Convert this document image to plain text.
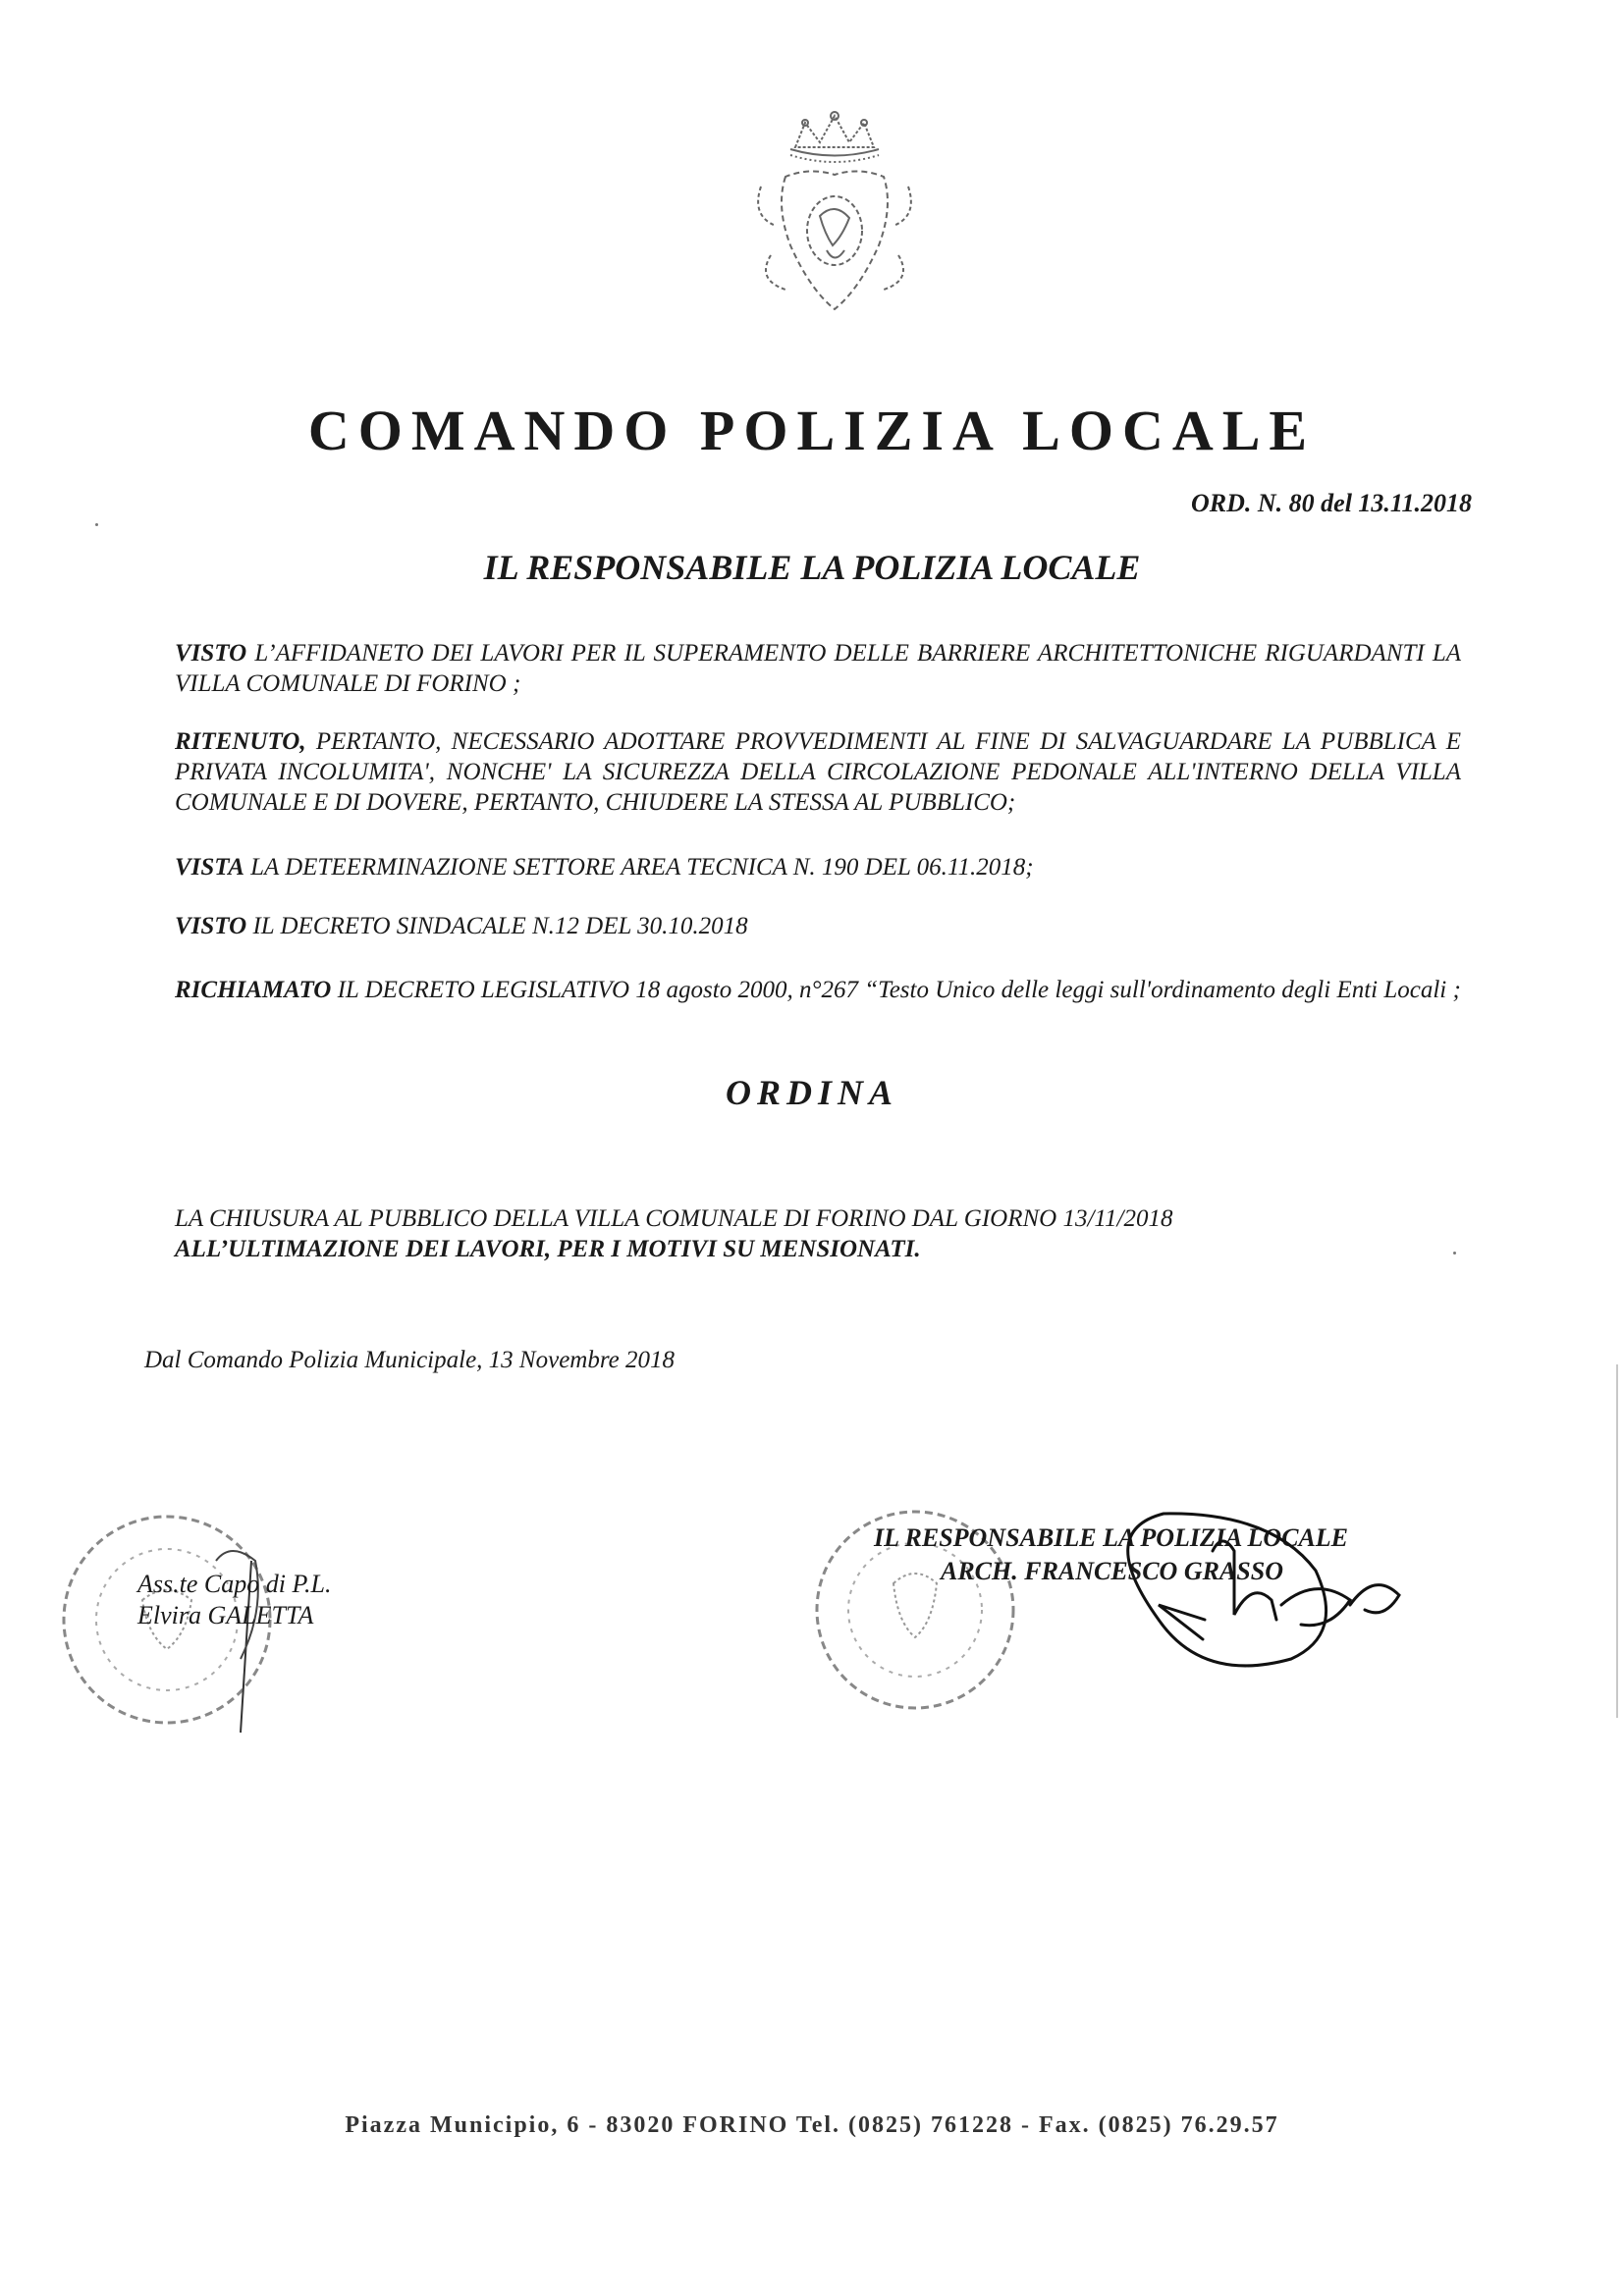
COMANDO POLIZIA LOCALE
ORD. N. 80 del 13.11.2018
IL RESPONSABILE LA POLIZIA LOCALE
VISTO L’AFFIDANETO DEI LAVORI PER IL SUPERAMENTO DELLE BARRIERE ARCHITETTONICHE RIGUARDANTI LA VILLA COMUNALE DI FORINO ;
RITENUTO, PERTANTO, NECESSARIO ADOTTARE PROVVEDIMENTI AL FINE DI SALVAGUARDARE LA PUBBLICA E PRIVATA INCOLUMITA', NONCHE' LA SICUREZZA DELLA CIRCOLAZIONE PEDONALE ALL'INTERNO DELLA VILLA COMUNALE E DI DOVERE, PERTANTO, CHIUDERE LA STESSA AL PUBBLICO;
VISTA LA DETEERMINAZIONE SETTORE AREA TECNICA N. 190 DEL 06.11.2018;
VISTO IL DECRETO SINDACALE N.12 DEL 30.10.2018
RICHIAMATO IL DECRETO LEGISLATIVO 18 agosto 2000, n°267 “Testo Unico delle leggi sull'ordinamento degli Enti Locali ;
ORDINA
LA CHIUSURA AL PUBBLICO DELLA VILLA COMUNALE DI FORINO DAL GIORNO 13/11/2018
ALL’ULTIMAZIONE DEI LAVORI, PER I MOTIVI SU MENSIONATI.
Dal Comando Polizia Municipale, 13 Novembre 2018
Ass.te Capo di P.L.
Elvira GALETTA
IL RESPONSABILE LA POLIZIA LOCALE
ARCH. FRANCESCO GRASSO
Piazza Municipio, 6 - 83020 FORINO Tel. (0825) 761228 - Fax. (0825) 76.29.57
